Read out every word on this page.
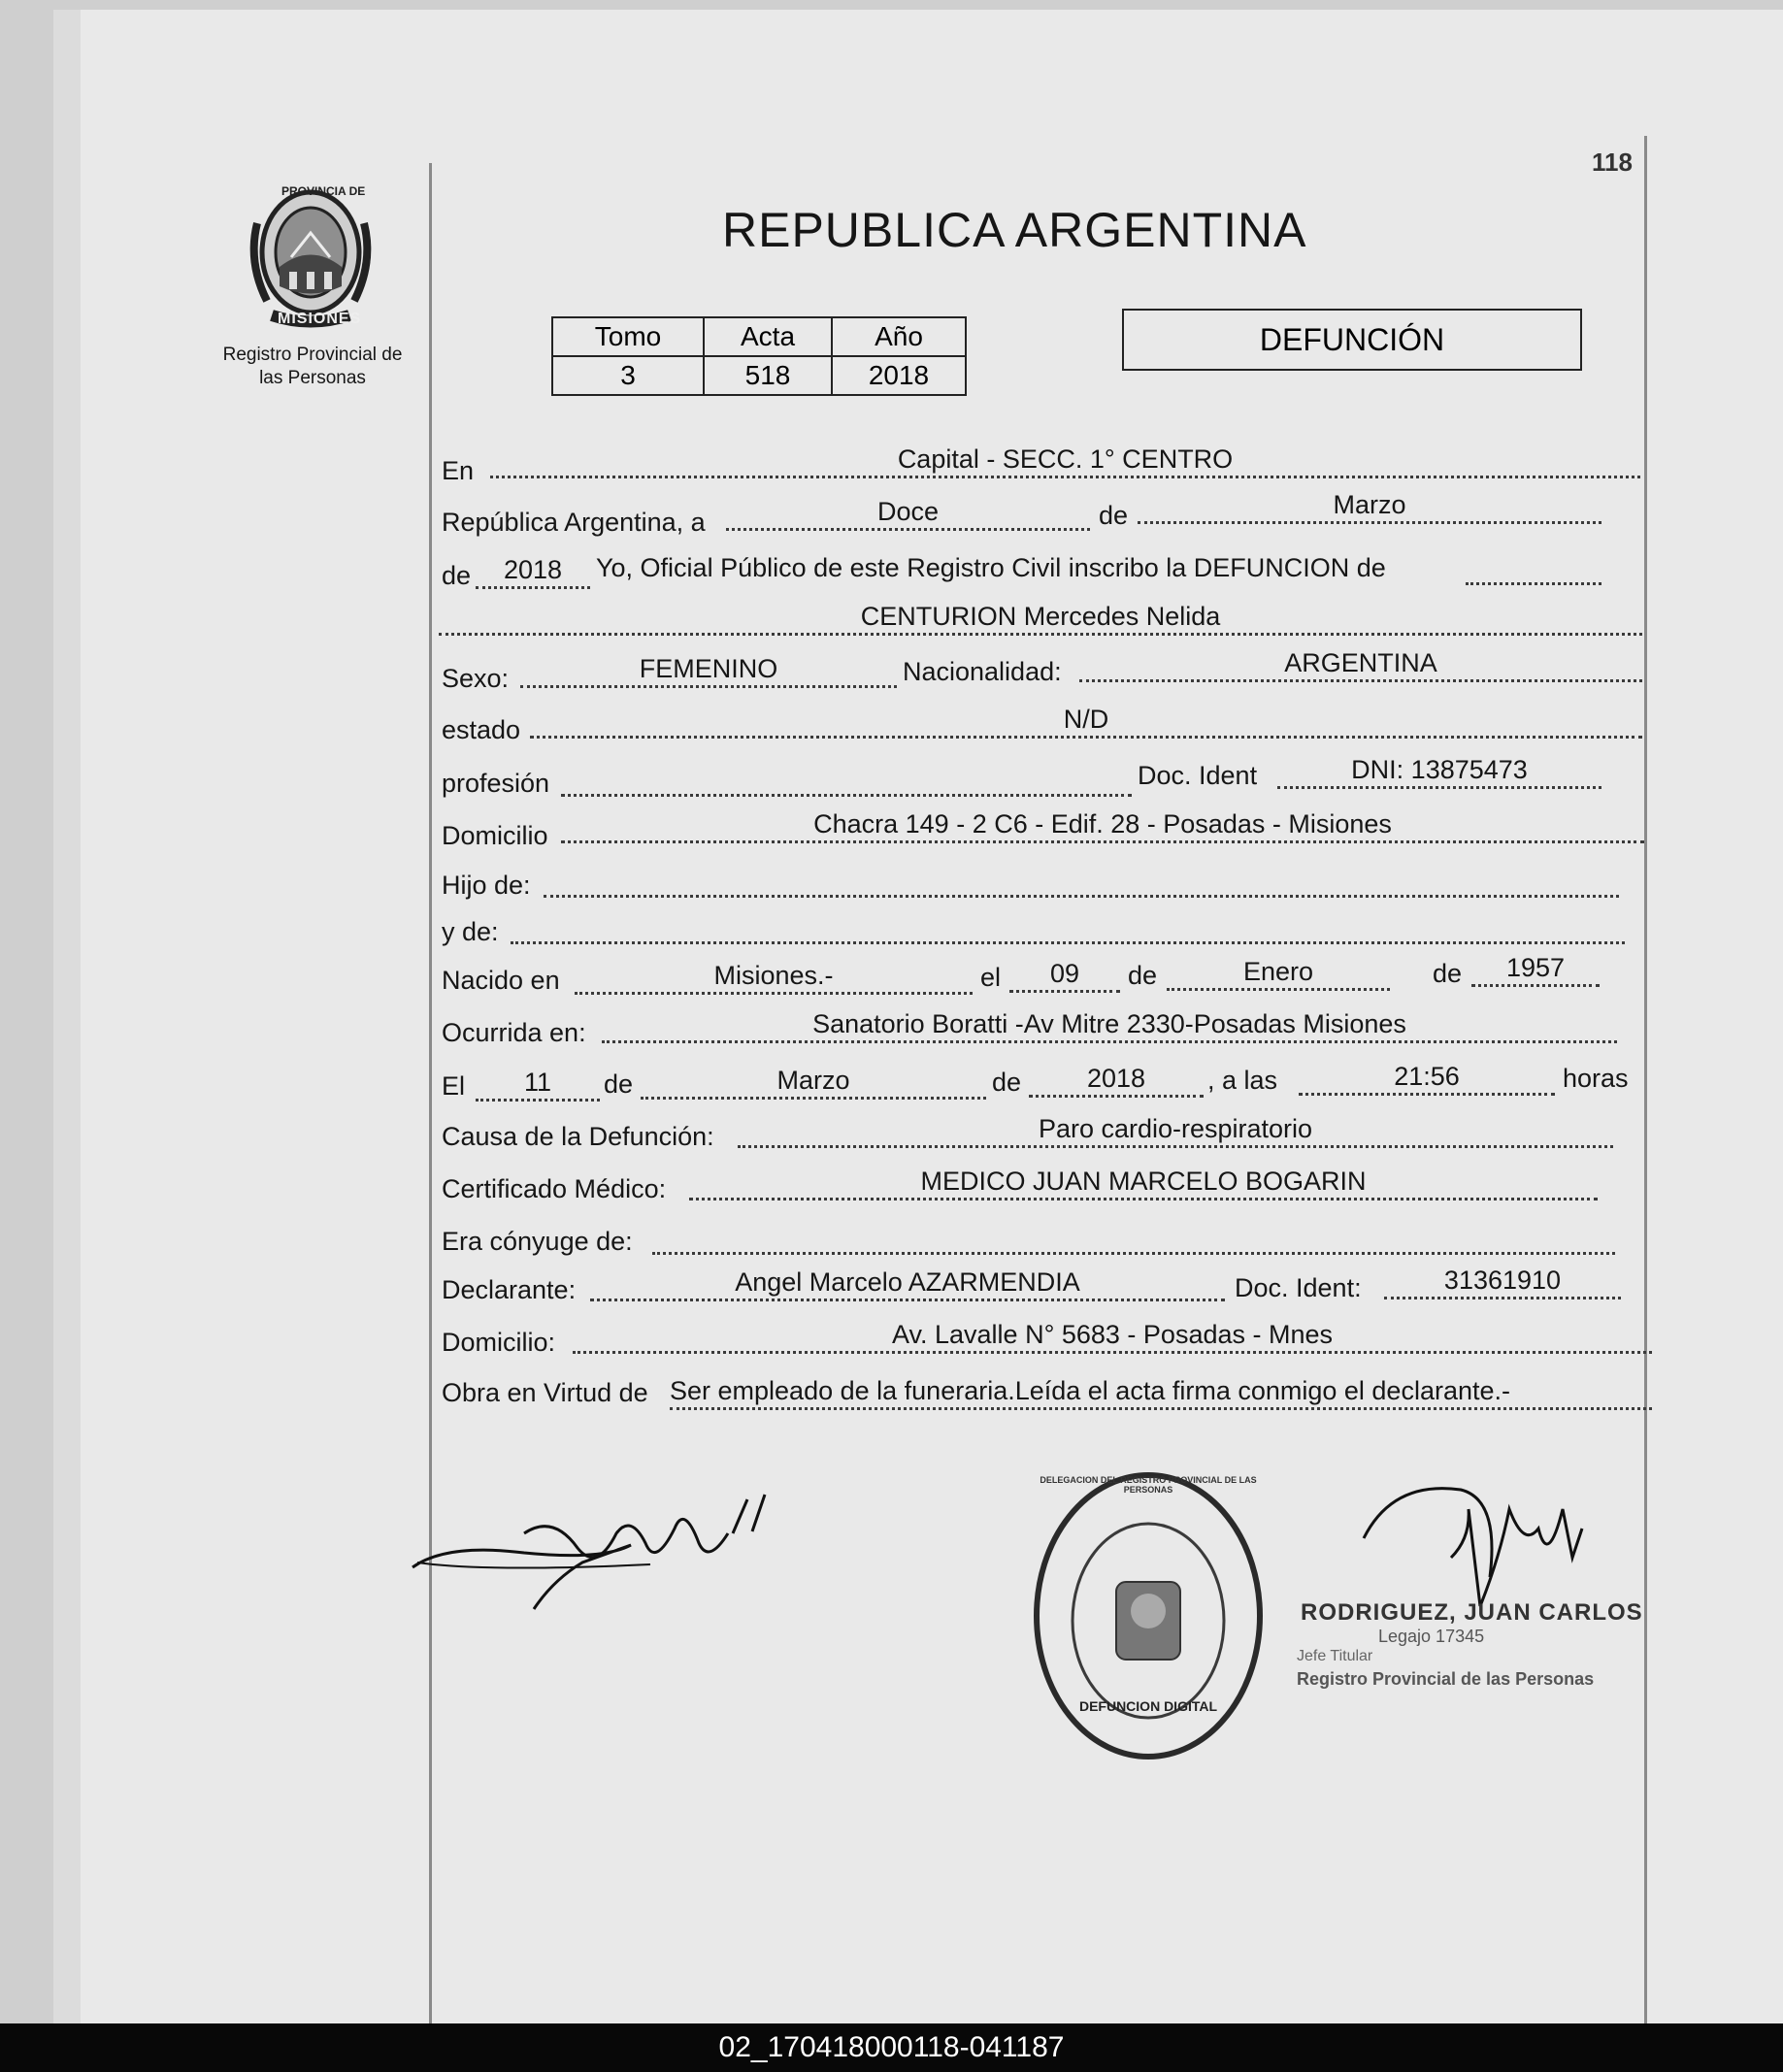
118
PROVINCIA DE
MISIONES
Registro Provincial de las Personas
REPUBLICA ARGENTINA
Tomo	Acta	Año
3	518	2018
DEFUNCIÓN
En	Capital - SECC. 1° CENTRO
República Argentina, a	Doce	de	Marzo
de	2018	Yo, Oficial Público de este Registro Civil inscribo la DEFUNCION de
CENTURION Mercedes Nelida
Sexo:	FEMENINO	Nacionalidad:	ARGENTINA
estado	N/D
profesión	Doc. Ident	DNI: 13875473
Domicilio	Chacra 149 - 2 C6 - Edif. 28 - Posadas - Misiones
Hijo de:
y de:
Nacido en	Misiones.-	el	09	de	Enero	de	1957
Ocurrida en:	Sanatorio Boratti -Av Mitre 2330-Posadas Misiones
El	11	de	Marzo	de	2018	, a las	21:56	horas
Causa de la Defunción:	Paro cardio-respiratorio
Certificado Médico:	MEDICO JUAN MARCELO BOGARIN
Era cónyuge de:
Declarante:	Angel Marcelo AZARMENDIA	Doc. Ident:	31361910
Domicilio:	Av. Lavalle N° 5683 - Posadas - Mnes
Obra en Virtud de Ser empleado de la funeraria.Leída el acta firma conmigo el declarante.-
DELEGACION DEL REGISTRO PROVINCIAL DE LAS PERSONAS
DEFUNCION DIGITAL
RODRIGUEZ, JUAN CARLOS
Legajo 17345
Jefe Titular
Registro Provincial de las Personas
02_170418000118-041187
